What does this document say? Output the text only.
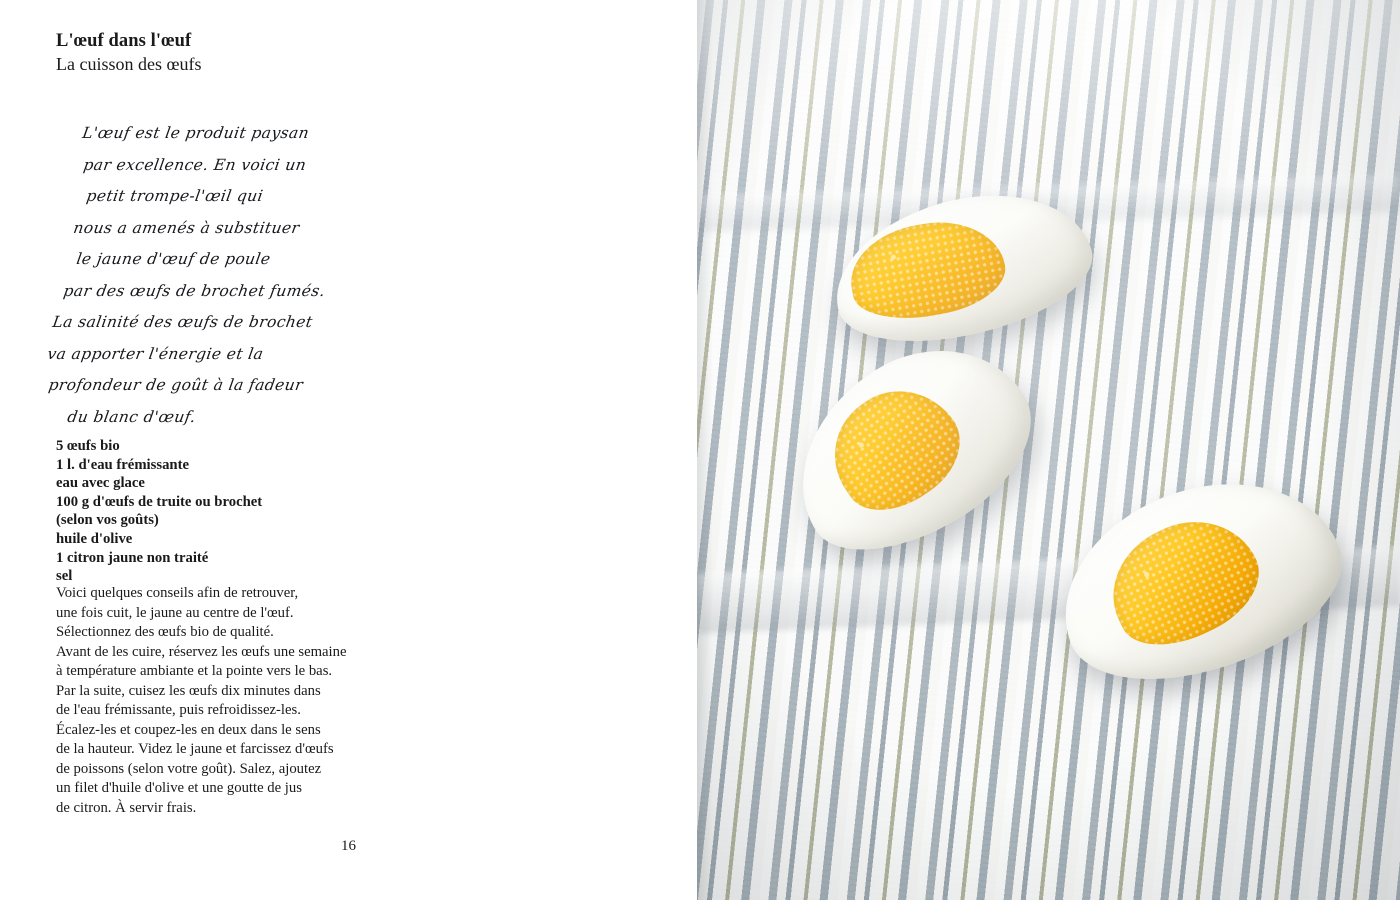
L'œuf dans l'œuf

La cuisson des œufs

L'œuf est le produit paysan
par excellence. En voici un
petit trompe-l'œil qui
nous a amenés à substituer
le jaune d'œuf de poule
par des œufs de brochet fumés.
La salinité des œufs de brochet
va apporter l'énergie et la
profondeur de goût à la fadeur
du blanc d'œuf.
5 œufs bio
1 l. d'eau frémissante
eau avec glace
100 g d'œufs de truite ou brochet
(selon vos goûts)
huile d'olive
1 citron jaune non traité
sel
Voici quelques conseils afin de retrouver,
une fois cuit, le jaune au centre de l'œuf.
Sélectionnez des œufs bio de qualité.
Avant de les cuire, réservez les œufs une semaine
à température ambiante et la pointe vers le bas.
Par la suite, cuisez les œufs dix minutes dans
de l'eau frémissante, puis refroidissez-les.
Écalez-les et coupez-les en deux dans le sens
de la hauteur. Videz le jaune et farcissez d'œufs
de poissons (selon votre goût). Salez, ajoutez
un filet d'huile d'olive et une goutte de jus
de citron. À servir frais.
16
